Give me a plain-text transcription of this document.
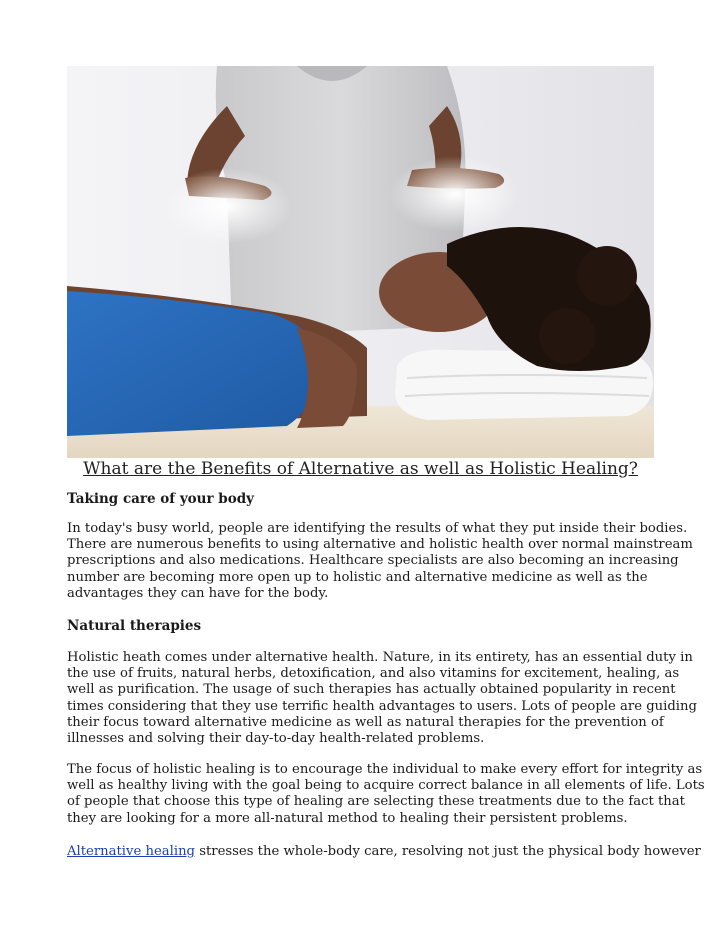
What are the Benefits of Alternative as well as Holistic Healing?
Taking care of your body
In today's busy world, people are identifying the results of what they put inside their bodies.
There are numerous benefits to using alternative and holistic health over normal mainstream
prescriptions and also medications. Healthcare specialists are also becoming an increasing
number are becoming more open up to holistic and alternative medicine as well as the
advantages they can have for the body.
Natural therapies
Holistic heath comes under alternative health. Nature, in its entirety, has an essential duty in
the use of fruits, natural herbs, detoxification, and also vitamins for excitement, healing, as
well as purification. The usage of such therapies has actually obtained popularity in recent
times considering that they use terrific health advantages to users. Lots of people are guiding
their focus toward alternative medicine as well as natural therapies for the prevention of
illnesses and solving their day-to-day health-related problems.
The focus of holistic healing is to encourage the individual to make every effort for integrity as
well as healthy living with the goal being to acquire correct balance in all elements of life. Lots
of people that choose this type of healing are selecting these treatments due to the fact that
they are looking for a more all-natural method to healing their persistent problems.
Alternative healing stresses the whole-body care, resolving not just the physical body however
